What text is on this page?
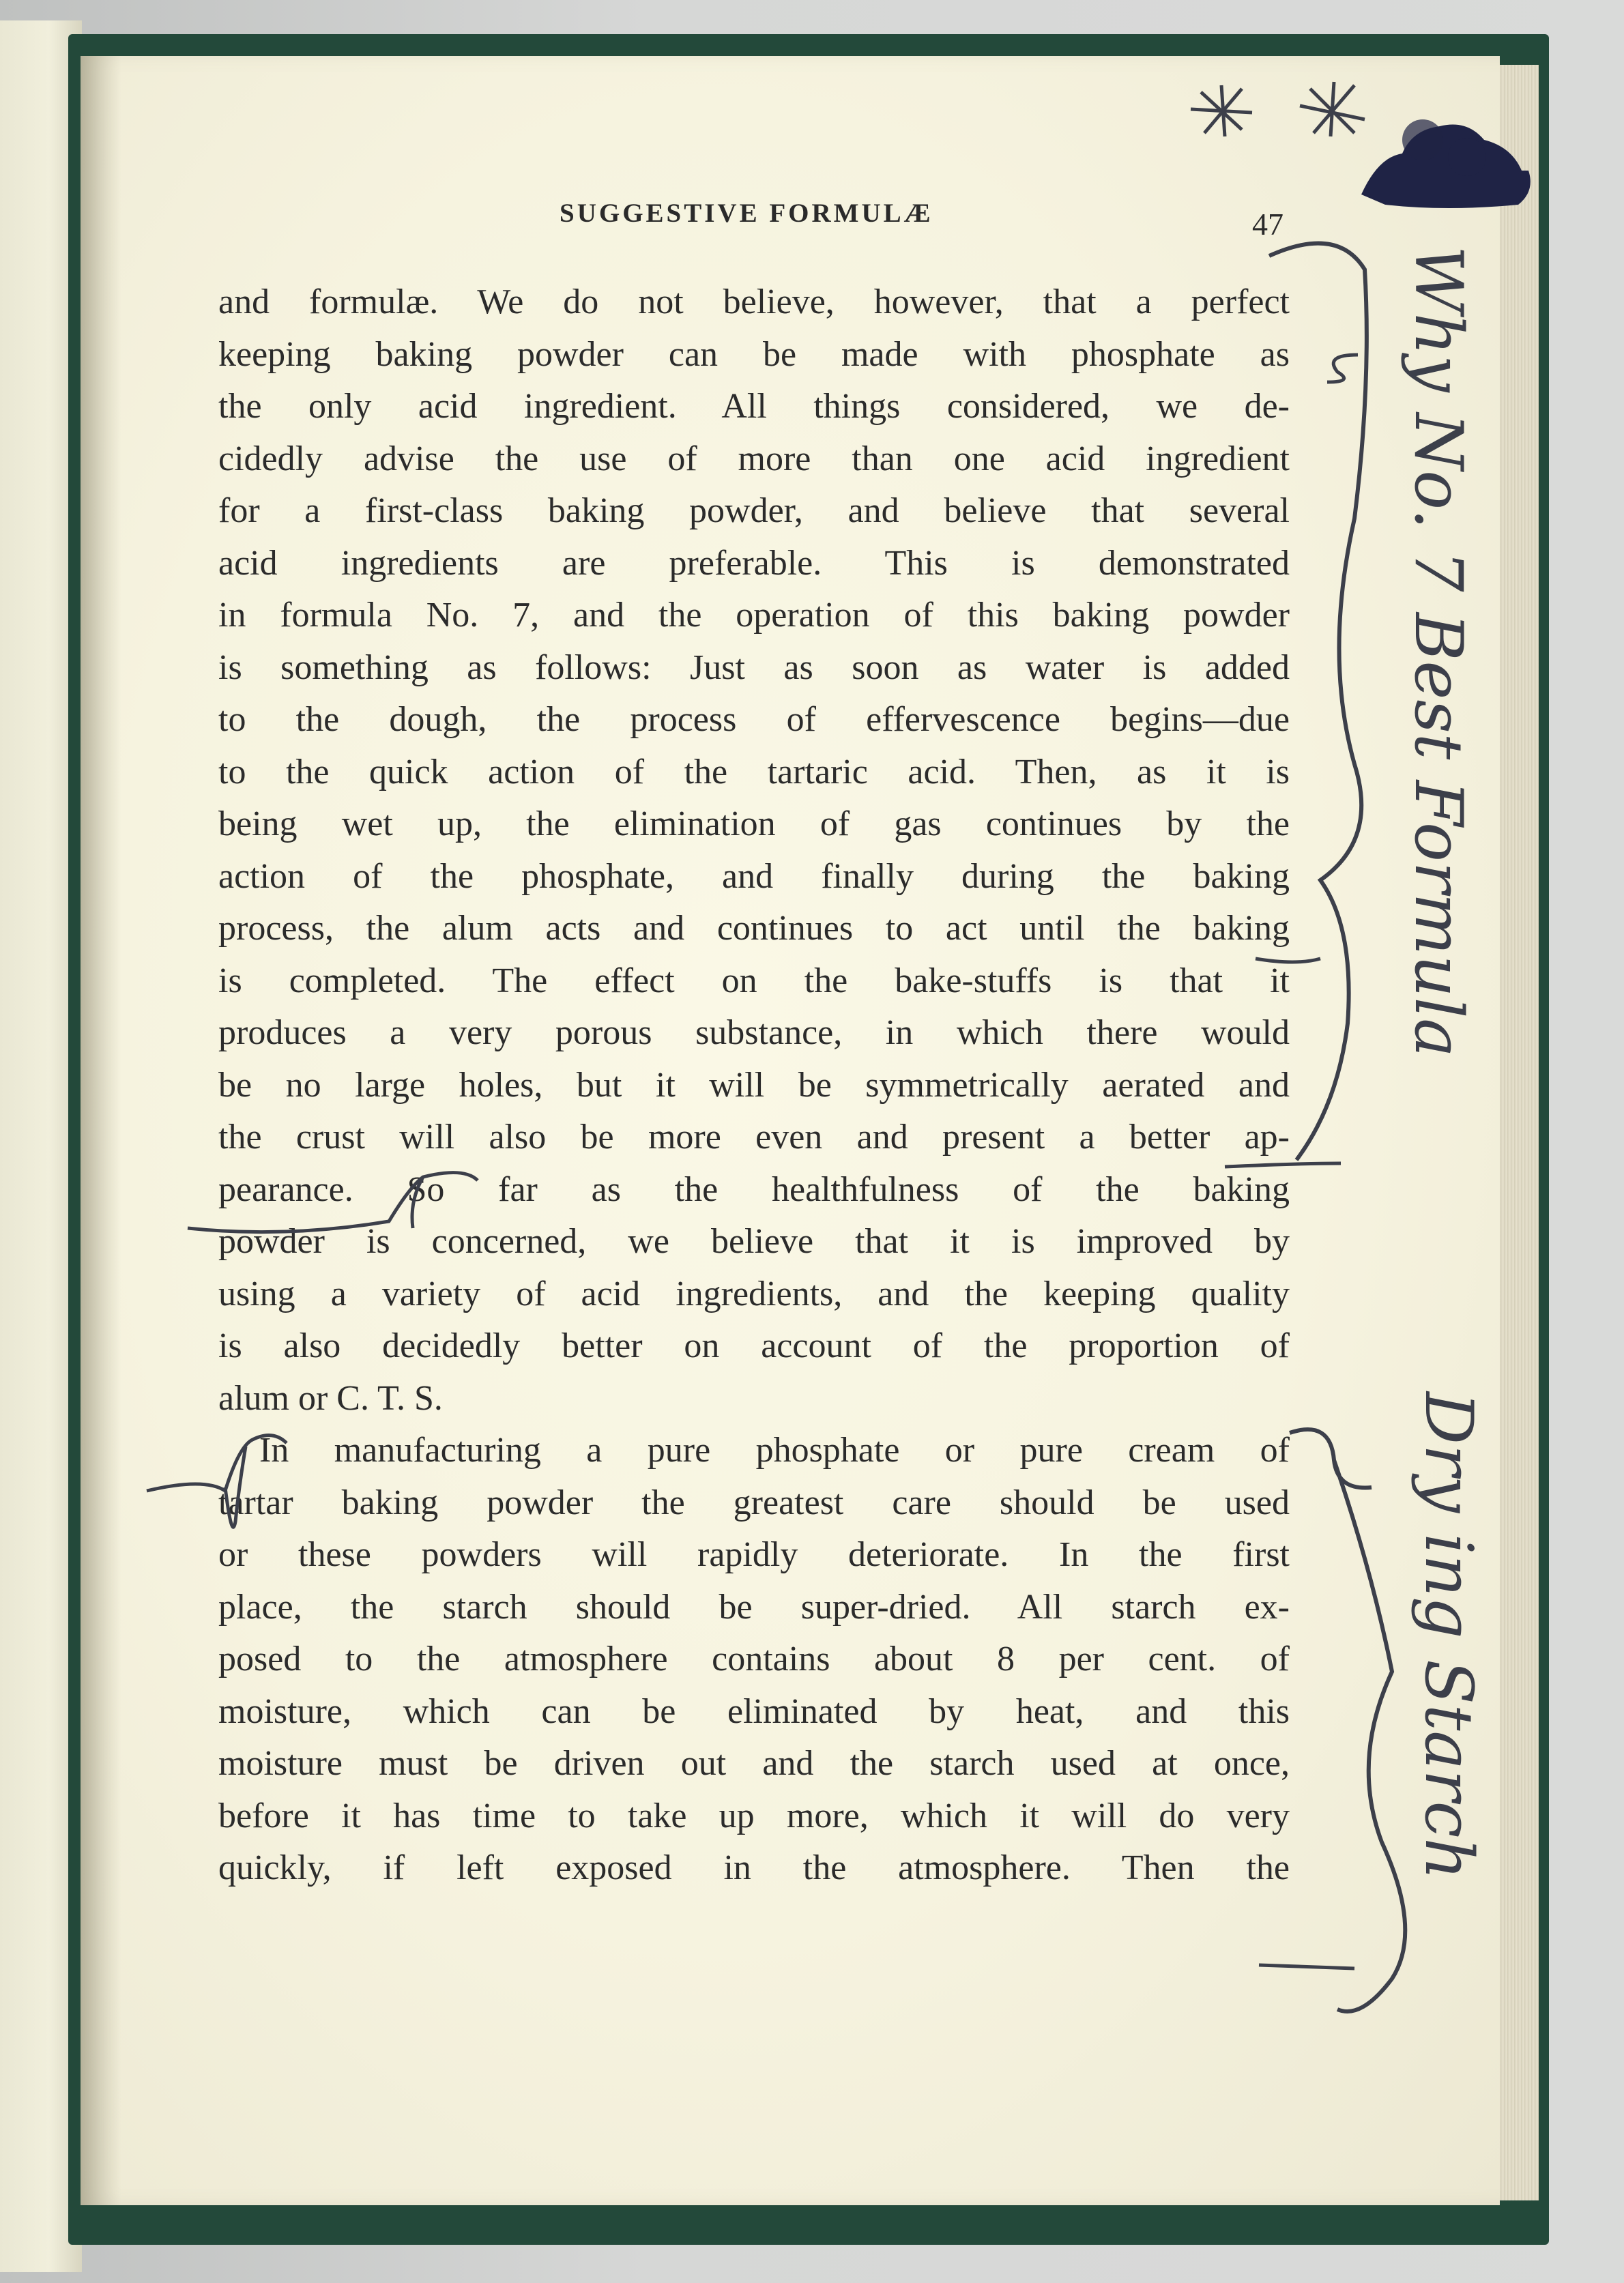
SUGGESTIVE FORMULÆ	47
and formulæ. We do not believe, however, that a perfect
keeping baking powder can be made with phosphate as
the only acid ingredient. All things considered, we de-
cidedly advise the use of more than one acid ingredient
for a first-class baking powder, and believe that several
acid ingredients are preferable. This is demonstrated
in formula No. 7, and the operation of this baking powder
is something as follows: Just as soon as water is added
to the dough, the process of effervescence begins—due
to the quick action of the tartaric acid. Then, as it is
being wet up, the elimination of gas continues by the
action of the phosphate, and finally during the baking
process, the alum acts and continues to act until the baking
is completed. The effect on the bake-stuffs is that it
produces a very porous substance, in which there would
be no large holes, but it will be symmetrically aerated and
the crust will also be more even and present a better ap-
pearance. So far as the healthfulness of the baking
powder is concerned, we believe that it is improved by
using a variety of acid ingredients, and the keeping quality
is also decidedly better on account of the proportion of
alum or C. T. S.
In manufacturing a pure phosphate or pure cream of
tartar baking powder the greatest care should be used
or these powders will rapidly deteriorate. In the first
place, the starch should be super-dried. All starch ex-
posed to the atmosphere contains about 8 per cent. of
moisture, which can be eliminated by heat, and this
moisture must be driven out and the starch used at once,
before it has time to take up more, which it will do very
quickly, if left exposed in the atmosphere. Then the
Why No. 7 Best Formula
Dry ing Starch
